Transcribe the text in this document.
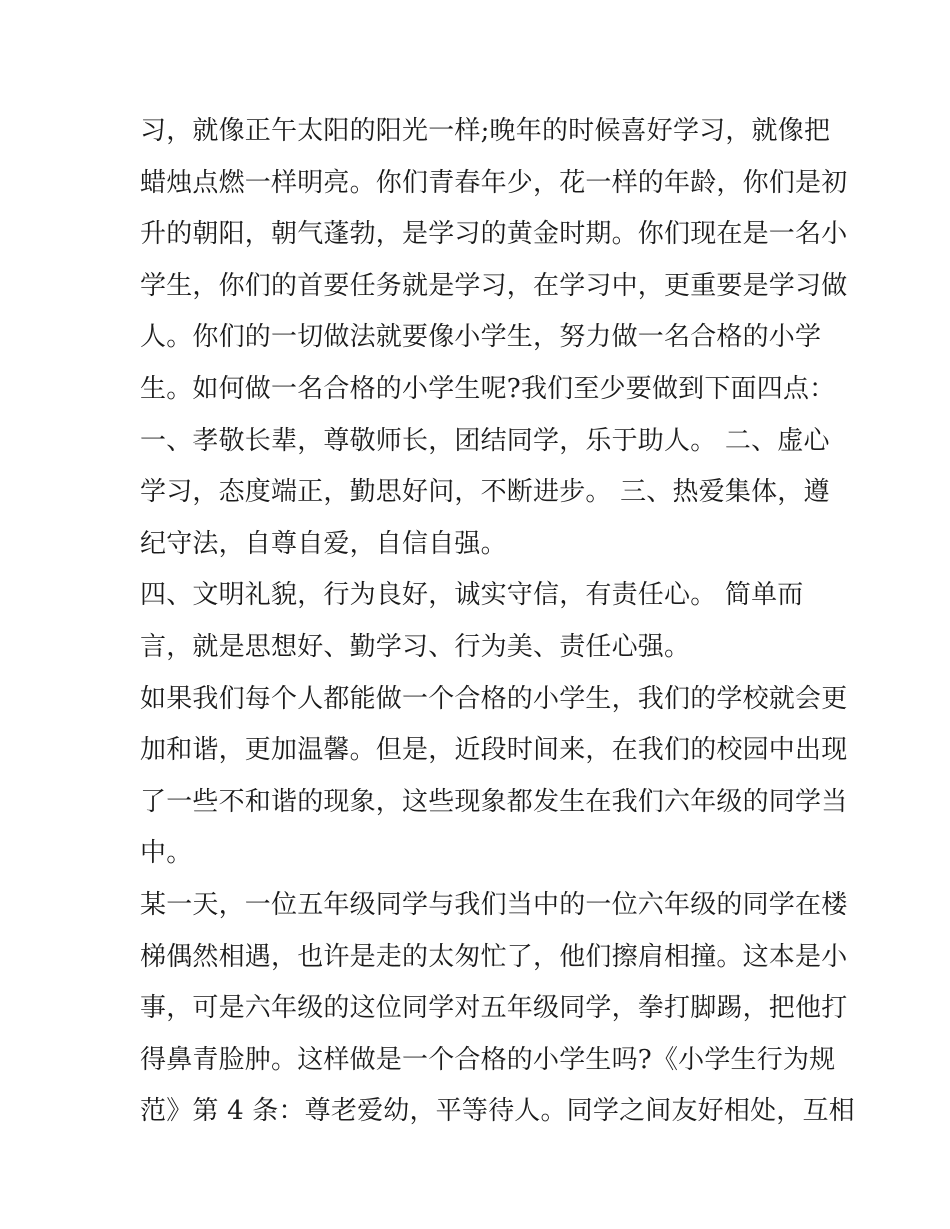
习，就像正午太阳的阳光一样;晚年的时候喜好学习，就像把
蜡烛点燃一样明亮。你们青春年少，花一样的年龄，你们是初
升的朝阳，朝气蓬勃，是学习的黄金时期。你们现在是一名小
学生，你们的首要任务就是学习，在学习中，更重要是学习做
人。你们的一切做法就要像小学生，努力做一名合格的小学
生。如何做一名合格的小学生呢?我们至少要做到下面四点：
一、孝敬长辈，尊敬师长，团结同学，乐于助人。 二、虚心
学习，态度端正，勤思好问，不断进步。 三、热爱集体，遵
纪守法，自尊自爱，自信自强。
四、文明礼貌，行为良好，诚实守信，有责任心。 简单而
言，就是思想好、勤学习、行为美、责任心强。
如果我们每个人都能做一个合格的小学生，我们的学校就会更
加和谐，更加温馨。但是，近段时间来，在我们的校园中出现
了一些不和谐的现象，这些现象都发生在我们六年级的同学当
中。
某一天，一位五年级同学与我们当中的一位六年级的同学在楼
梯偶然相遇，也许是走的太匆忙了，他们擦肩相撞。这本是小
事，可是六年级的这位同学对五年级同学，拳打脚踢，把他打
得鼻青脸肿。这样做是一个合格的小学生吗?《小学生行为规
范》第 4 条：尊老爱幼，平等待人。同学之间友好相处，互相
